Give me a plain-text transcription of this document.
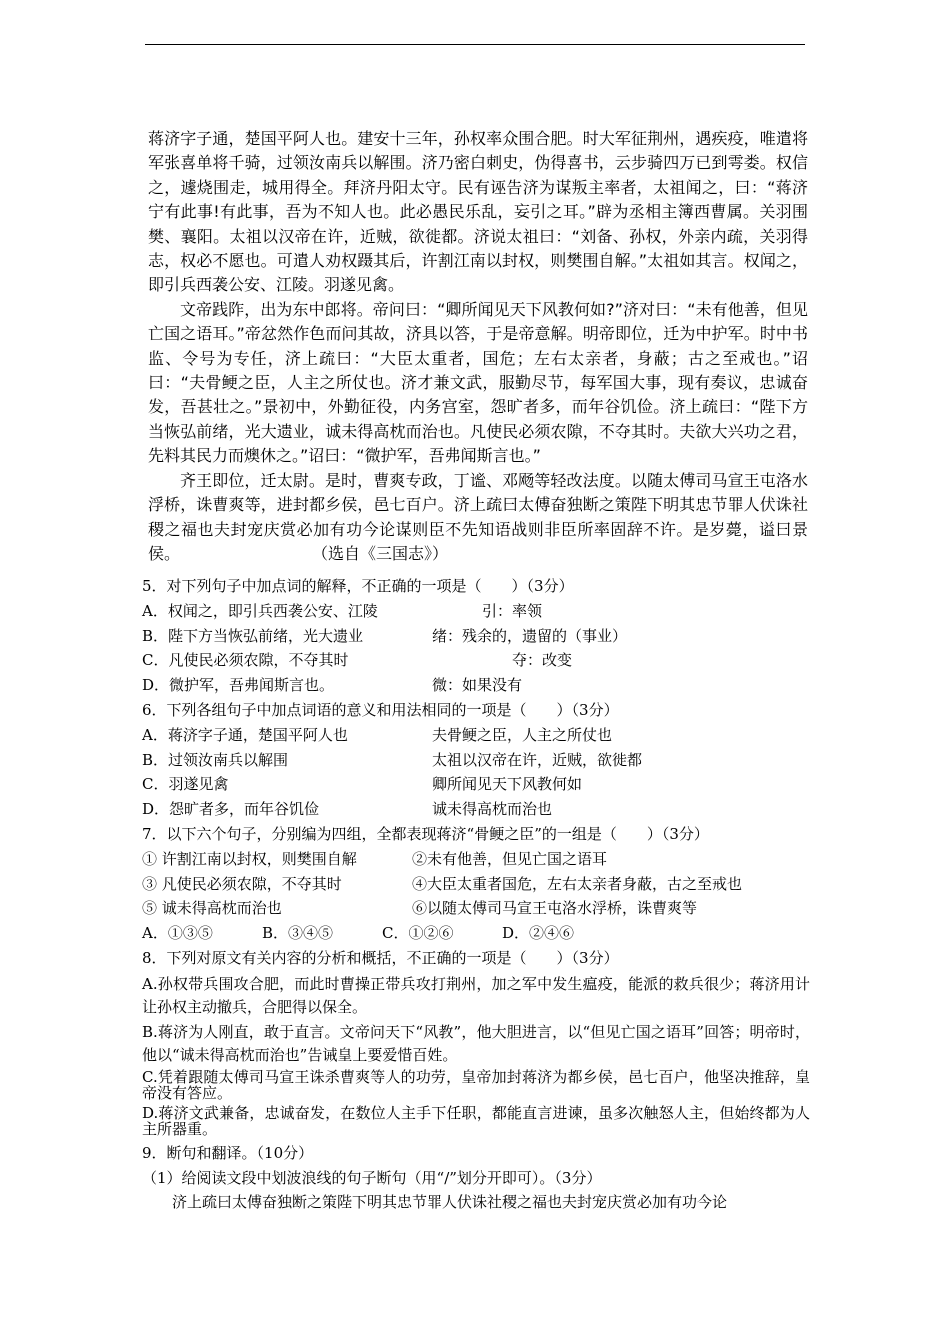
蒋济字子通，楚国平阿人也。建安十三年，孙权率众围合肥。时大军征荆州，遇疾疫，唯遣将军张喜单将千骑，过领汝南兵以解围。济乃密白刺史，伪得喜书，云步骑四万已到雩娄。权信之，遽烧围走，城用得全。拜济丹阳太守。民有诬告济为谋叛主率者，太祖闻之，曰：“蒋济宁有此事!有此事，吾为不知人也。此必愚民乐乱，妄引之耳。”辟为丞相主簿西曹属。关羽围樊、襄阳。太祖以汉帝在许，近贼，欲徙都。济说太祖曰：“刘备、孙权，外亲内疏，关羽得志，权必不愿也。可遣人劝权蹑其后，许割江南以封权，则樊围自解。”太祖如其言。权闻之，即引兵西袭公安、江陵。羽遂见禽。

文帝践阼，出为东中郎将。帝问曰：“卿所闻见天下风教何如?”济对曰：“未有他善，但见亡国之语耳。”帝忿然作色而问其故，济具以答，于是帝意解。明帝即位，迁为中护军。时中书监、令号为专任，济上疏曰：“大臣太重者，国危；左右太亲者，身蔽；古之至戒也。”诏曰：“夫骨鲠之臣，人主之所仗也。济才兼文武，服勤尽节，每军国大事，现有奏议，忠诚奋发，吾甚壮之。”景初中，外勤征役，内务宫室，怨旷者多，而年谷饥俭。济上疏曰：“陛下方当恢弘前绪，光大遗业，诚未得高枕而治也。凡使民必须农隙，不夺其时。夫欲大兴功之君，先料其民力而燠休之。”诏曰：“微护军，吾弗闻斯言也。”

齐王即位，迁太尉。是时，曹爽专政，丁谧、邓飏等轻改法度。以随太傅司马宣王屯洛水浮桥，诛曹爽等，进封都乡侯，邑七百户。济上疏曰太傅奋独断之策陛下明其忠节罪人伏诛社稷之福也夫封宠庆赏必加有功今论谋则臣不先知语战则非臣所率固辞不许。是岁薨，谥曰景侯。	（选自《三国志》）

5．对下列句子中加点词的解释，不正确的一项是（　　）（3分）

A．权闻之，即引兵西袭公安、江陵	引：率领

B．陛下方当恢弘前绪，光大遗业	绪：残余的，遗留的（事业）

C．凡使民必须农隙，不夺其时	夺：改变

D．微护军，吾弗闻斯言也。	微：如果没有

6．下列各组句子中加点词语的意义和用法相同的一项是（　　）（3分）

A．蒋济字子通，楚国平阿人也	夫骨鲠之臣，人主之所仗也

B．过领汝南兵以解围	太祖以汉帝在许，近贼，欲徙都

C．羽遂见禽	卿所闻见天下风教何如

D．怨旷者多，而年谷饥俭	诚未得高枕而治也

7．以下六个句子，分别编为四组，全都表现蒋济“骨鲠之臣”的一组是（　　）（3分）

① 许割江南以封权，则樊围自解	②未有他善，但见亡国之语耳

③ 凡使民必须农隙，不夺其时	④大臣太重者国危，左右太亲者身蔽，古之至戒也

⑤ 诚未得高枕而治也	⑥以随太傅司马宣王屯洛水浮桥，诛曹爽等

A．①③⑤	B．③④⑤	C．①②⑥	D．②④⑥

8．下列对原文有关内容的分析和概括，不正确的一项是（　　）（3分）

A.孙权带兵围攻合肥，而此时曹操正带兵攻打荆州，加之军中发生瘟疫，能派的救兵很少；蒋济用计让孙权主动撤兵，合肥得以保全。

B.蒋济为人刚直，敢于直言。文帝问天下“风教”，他大胆进言，以“但见亡国之语耳”回答；明帝时，他以“诚未得高枕而治也”告诫皇上要爱惜百姓。

C.凭着跟随太傅司马宣王诛杀曹爽等人的功劳，皇帝加封蒋济为都乡侯，邑七百户，他坚决推辞，皇帝没有答应。

D.蒋济文武兼备，忠诚奋发，在数位人主手下任职，都能直言进谏，虽多次触怒人主，但始终都为人主所器重。

9．断句和翻译。（10分）

（1）给阅读文段中划波浪线的句子断句（用“/”划分开即可）。（3分）

济上疏曰太傅奋独断之策陛下明其忠节罪人伏诛社稷之福也夫封宠庆赏必加有功今论
